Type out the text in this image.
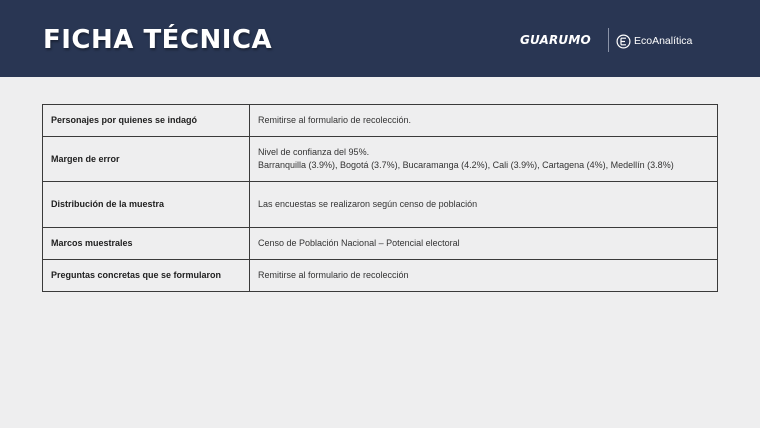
FICHA TÉCNICA	GUARUMO	EcoAnalítica
Personajes por quienes se indagó	Remitirse al formulario de recolección.

Margen de error	Nivel de confianza del 95%.
Barranquilla (3.9%), Bogotá (3.7%), Bucaramanga (4.2%), Cali (3.9%), Cartagena (4%), Medellín (3.8%)

Distribución de la muestra	Las encuestas se realizaron según censo de población

Marcos muestrales	Censo de Población Nacional – Potencial electoral

Preguntas concretas que se formularon	Remitirse al formulario de recolección
